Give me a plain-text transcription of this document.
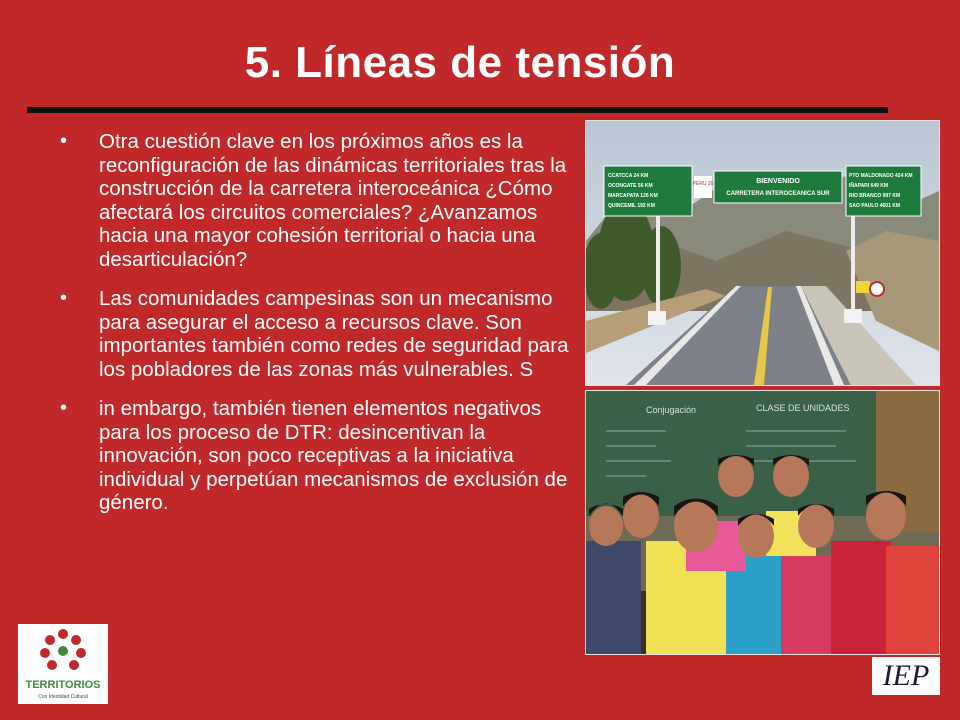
5. Líneas de tensión
• Otra cuestión clave en los próximos años es la reconfiguración de las dinámicas territoriales tras la construcción de la carretera interoceánica ¿Cómo afectará los circuitos comerciales? ¿Avanzamos hacia una mayor cohesión territorial o hacia una desarticulación?
• Las comunidades campesinas son un mecanismo para asegurar el acceso a recursos clave. Son importantes también como redes de seguridad para los pobladores de las zonas más vulnerables. S
• in embargo, también tienen elementos negativos para los proceso de DTR: desincentivan la innovación, son poco receptivas a la iniciativa individual y perpetúan mecanismos de exclusión de género.
PERU 26
CCATCCA 24 KM
OCONGATE 56 KM
MARCAPATA 126 KM
QUINCEMIL 192 KM
BIENVENIDO
CARRETERA INTEROCEANICA SUR
PTO MALDONADO 424 KM
IÑAPARI 649 KM
RIO BRANCO 997 KM
SAO PAULO 4601 KM
Conjugación	CLASE DE UNIDADES
TERRITORIOS
Con Identidad Cultural
IEP
